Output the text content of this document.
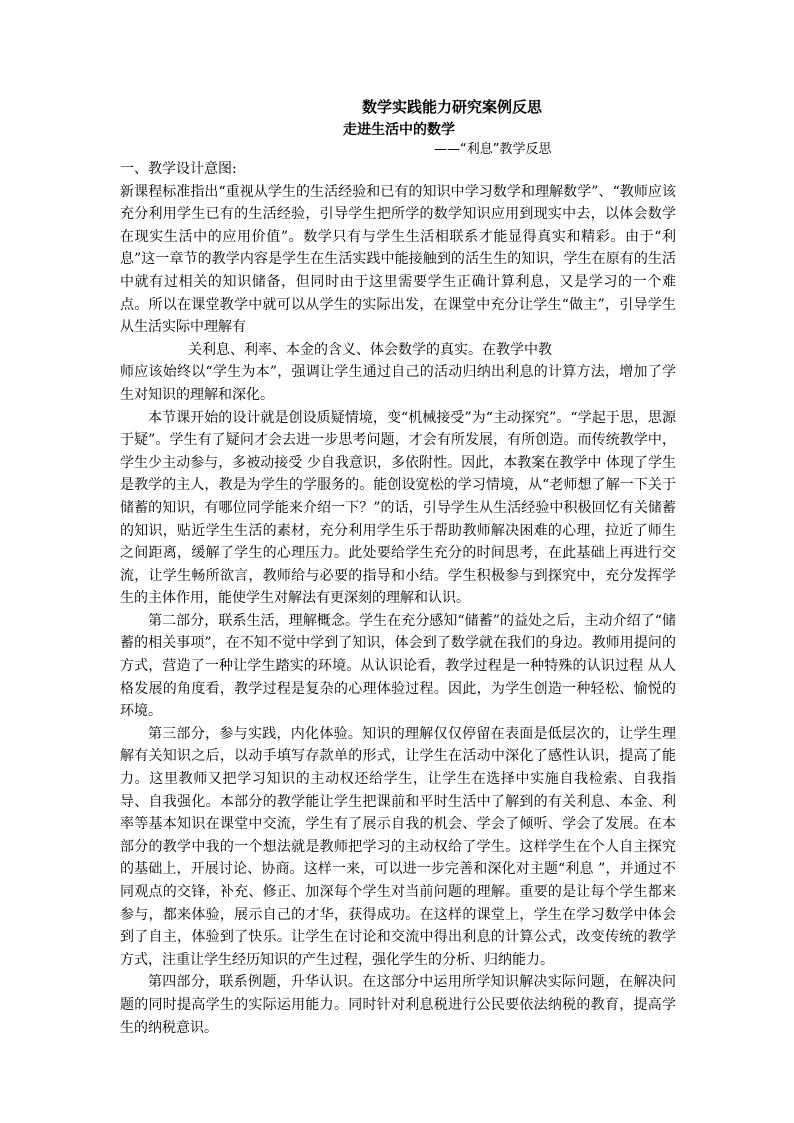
数学实践能力研究案例反思
走进生活中的数学
——“利息”教学反思

一、教学设计意图:

新课程标准指出“重视从学生的生活经验和已有的知识中学习数学和理解数学”、“教师应该充分利用学生已有的生活经验，引导学生把所学的数学知识应用到现实中去，以体会数学在现实生活中的应用价值”。数学只有与学生生活相联系才能显得真实和精彩。由于“利息”这一章节的教学内容是学生在生活实践中能接触到的活生生的知识，学生在原有的生活中就有过相关的知识储备，但同时由于这里需要学生正确计算利息，又是学习的一个难点。所以在课堂教学中就可以从学生的实际出发，在课堂中充分让学生“做主”，引导学生从生活实际中理解有

关利息、利率、本金的含义、体会数学的真实。在教学中教

师应该始终以“学生为本”，强调让学生通过自己的活动归纳出利息的计算方法，增加了学生对知识的理解和深化。

本节课开始的设计就是创设质疑情境，变“机械接受”为“主动探究”。“学起于思，思源于疑”。学生有了疑问才会去进一步思考问题，才会有所发展，有所创造。而传统教学中，学生少主动参与，多被动接受 少自我意识，多依附性。因此，本教案在教学中 体现了学生是教学的主人，教是为学生的学服务的。能创设宽松的学习情境，从“老师想了解一下关于储蓄的知识，有哪位同学能来介绍一下？”的话，引导学生从生活经验中积极回忆有关储蓄的知识，贴近学生生活的素材，充分利用学生乐于帮助教师解决困难的心理，拉近了师生之间距离，缓解了学生的心理压力。此处要给学生充分的时间思考，在此基础上再进行交流，让学生畅所欲言，教师给与必要的指导和小结。学生积极参与到探究中，充分发挥学生的主体作用，能使学生对解法有更深刻的理解和认识。

第二部分，联系生活，理解概念。学生在充分感知“储蓄”的益处之后，主动介绍了“储蓄的相关事项”，在不知不觉中学到了知识，体会到了数学就在我们的身边。教师用提问的方式，营造了一种让学生踏实的环境。从认识论看，教学过程是一种特殊的认识过程 从人格发展的角度看，教学过程是复杂的心理体验过程。因此，为学生创造一种轻松、愉悦的环境。

第三部分，参与实践，内化体验。知识的理解仅仅停留在表面是低层次的，让学生理解有关知识之后，以动手填写存款单的形式，让学生在活动中深化了感性认识，提高了能力。这里教师又把学习知识的主动权还给学生，让学生在选择中实施自我检索、自我指导、自我强化。本部分的教学能让学生把课前和平时生活中了解到的有关利息、本金、利率等基本知识在课堂中交流，学生有了展示自我的机会、学会了倾听、学会了发展。在本部分的教学中我的一个想法就是教师把学习的主动权给了学生。这样学生在个人自主探究的基础上，开展讨论、协商。这样一来，可以进一步完善和深化对主题“利息 ”，并通过不同观点的交锋，补充、修正、加深每个学生对当前问题的理解。重要的是让每个学生都来参与，都来体验，展示自己的才华，获得成功。在这样的课堂上，学生在学习数学中体会到了自主，体验到了快乐。让学生在讨论和交流中得出利息的计算公式，改变传统的教学方式，注重让学生经历知识的产生过程，强化学生的分析、归纳能力。

第四部分，联系例题，升华认识。在这部分中运用所学知识解决实际问题，在解决问题的同时提高学生的实际运用能力。同时针对利息税进行公民要依法纳税的教育，提高学生的纳税意识。
